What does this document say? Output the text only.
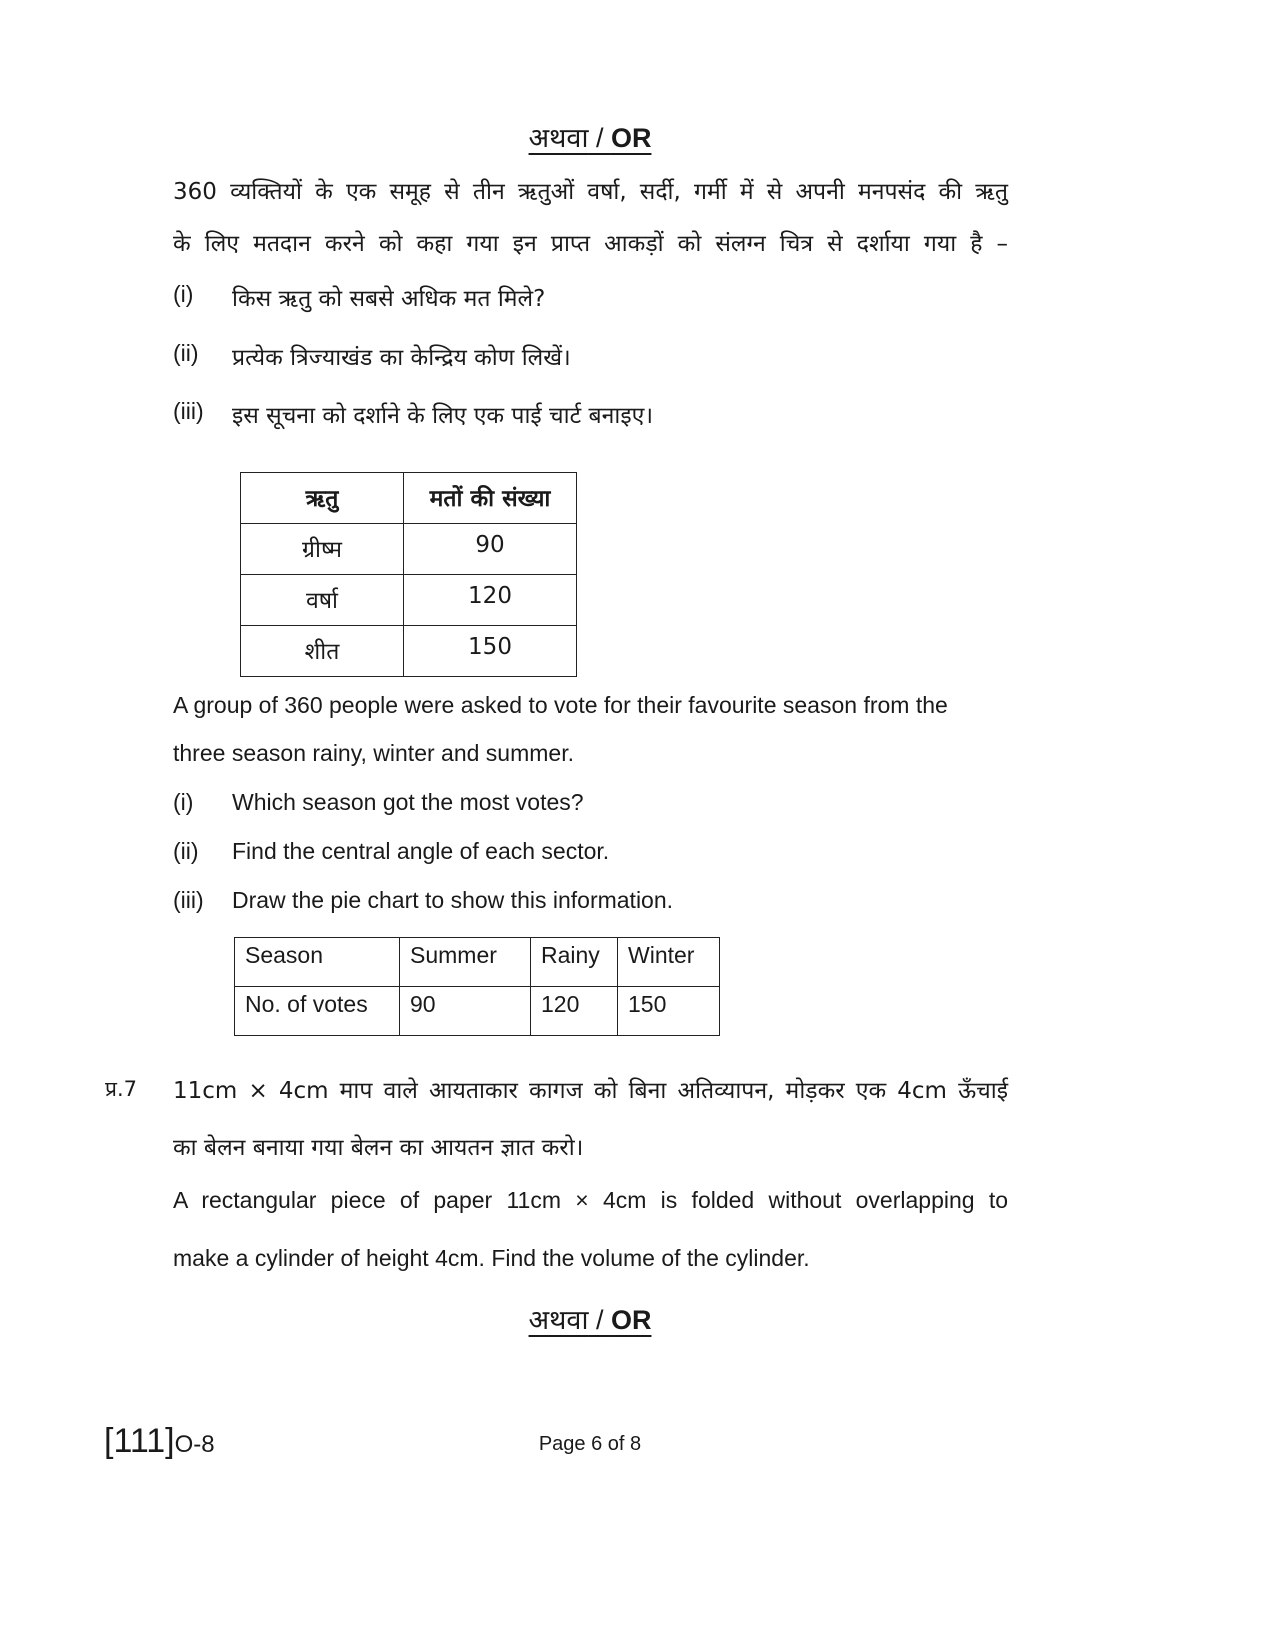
अथवा / OR
360 व्यक्तियों के एक समूह से तीन ऋतुओं वर्षा, सर्दी, गर्मी में से अपनी मनपसंद की ऋतु
के लिए मतदान करने को कहा गया इन प्राप्त आकड़ों को संलग्न चित्र से दर्शाया गया है –
(i) किस ऋतु को सबसे अधिक मत मिले?
(ii) प्रत्येक त्रिज्याखंड का केन्द्रिय कोण लिखें।
(iii) इस सूचना को दर्शाने के लिए एक पाई चार्ट बनाइए।
ऋतु	मतों की संख्या
ग्रीष्म	90
वर्षा	120
शीत	150
A group of 360 people were asked to vote for their favourite season from the
three season rainy, winter and summer.
(i) Which season got the most votes?
(ii) Find the central angle of each sector.
(iii) Draw the pie chart to show this information.
Season	Summer	Rainy	Winter
No. of votes	90	120	150
प्र.7 11cm × 4cm माप वाले आयताकार कागज को बिना अतिव्यापन, मोड़कर एक 4cm ऊँचाई
का बेलन बनाया गया बेलन का आयतन ज्ञात करो।
A rectangular piece of paper 11cm × 4cm is folded without overlapping to
make a cylinder of height 4cm. Find the volume of the cylinder.
अथवा / OR
[111]O-8	Page 6 of 8
